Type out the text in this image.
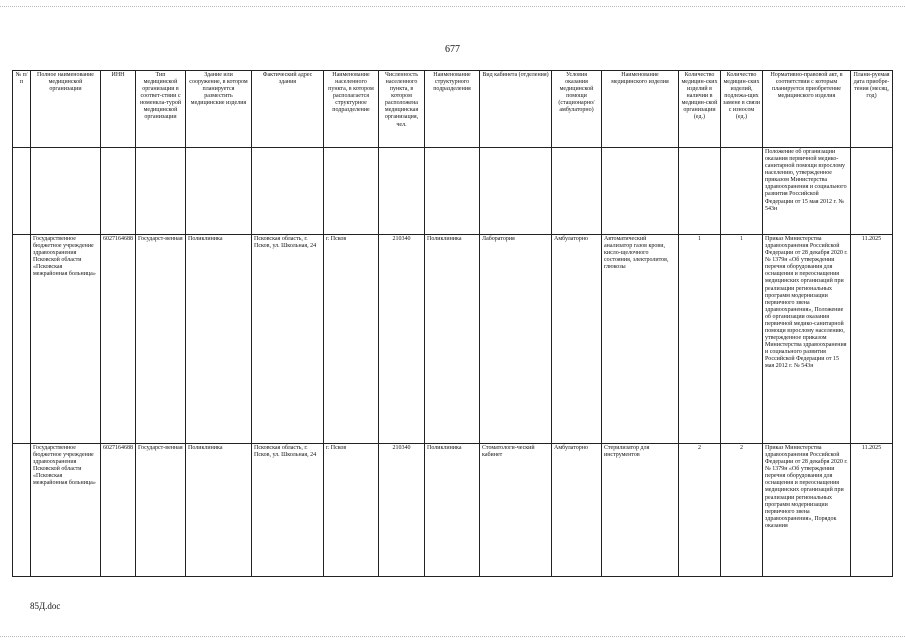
677
№ п/п	Полное наименование медицинской организации	ИНН	Тип медицинской организации в соответ-ствии с номенкла-турой медицинской организации	Здание или сооружение, в котором планируется разместить медицинские изделия	Фактический адрес здания	Наименование населенного пункта, в котором располагается структурное подразделение	Численность населенного пункта, в котором расположена медицинская организация, чел.	Наименование структурного подразделения	Вид кабинета (отделения)	Условия оказания медицинской помощи (стационарно/ амбулаторно)	Наименование медицинского изделия	Количество медицин-ских изделий в наличии в медицин-ской организации (ед.)	Количество медицин-ских изделий, подлежа-щих замене в связи с износом (ед.)	Нормативно-правовой акт, в соответствии с которым планируется приобретение медицинского изделия	Плани-руемая дата приобре-тения (месяц, год)
														Положение об организации оказания первичной медико-санитарной помощи взрослому населению, утвержденное приказом Министерства здравоохранения и социального развития Российской Федерации от 15 мая 2012 г. № 543н	
	Государственное бюджетное учреждение здравоохранения Псковской области «Псковская межрайонная больница»	6027164688	Государст-венная	Поликлиника	Псковская область, г. Псков, ул. Школьная, 24	г. Псков	210340	Поликлиника	Лаборатория	Амбулаторно	Автоматический анализатор газов крови, кисло-щелочного состояния, электролитов, глюкозы	1	1	Приказ Министерства здравоохранения Российской Федерации от 28 декабря 2020 г. № 1379н «Об утверждении перечня оборудования для оснащения и переоснащения медицинских организаций при реализации региональных программ модернизации первичного звена здравоохранения», Положение об организации оказания первичной медико-санитарной помощи взрослому населению, утвержденное приказом Министерства здравоохранения и социального развития Российской Федерации от 15 мая 2012 г. № 543н	11.2025
	Государственное бюджетное учреждение здравоохранения Псковской области «Псковская межрайонная больница»	6027164688	Государст-венная	Поликлиника	Псковская область, г. Псков, ул. Школьная, 24	г. Псков	210340	Поликлиника	Стоматологи-ческий кабинет	Амбулаторно	Стерилизатор для инструментов	2	2	Приказ Министерства здравоохранения Российской Федерации от 28 декабря 2020 г. № 1379н «Об утверждении перечня оборудования для оснащения и переоснащения медицинских организаций при реализации региональных программ модернизации первичного звена здравоохранения», Порядок оказания	11.2025
85Д.doc
